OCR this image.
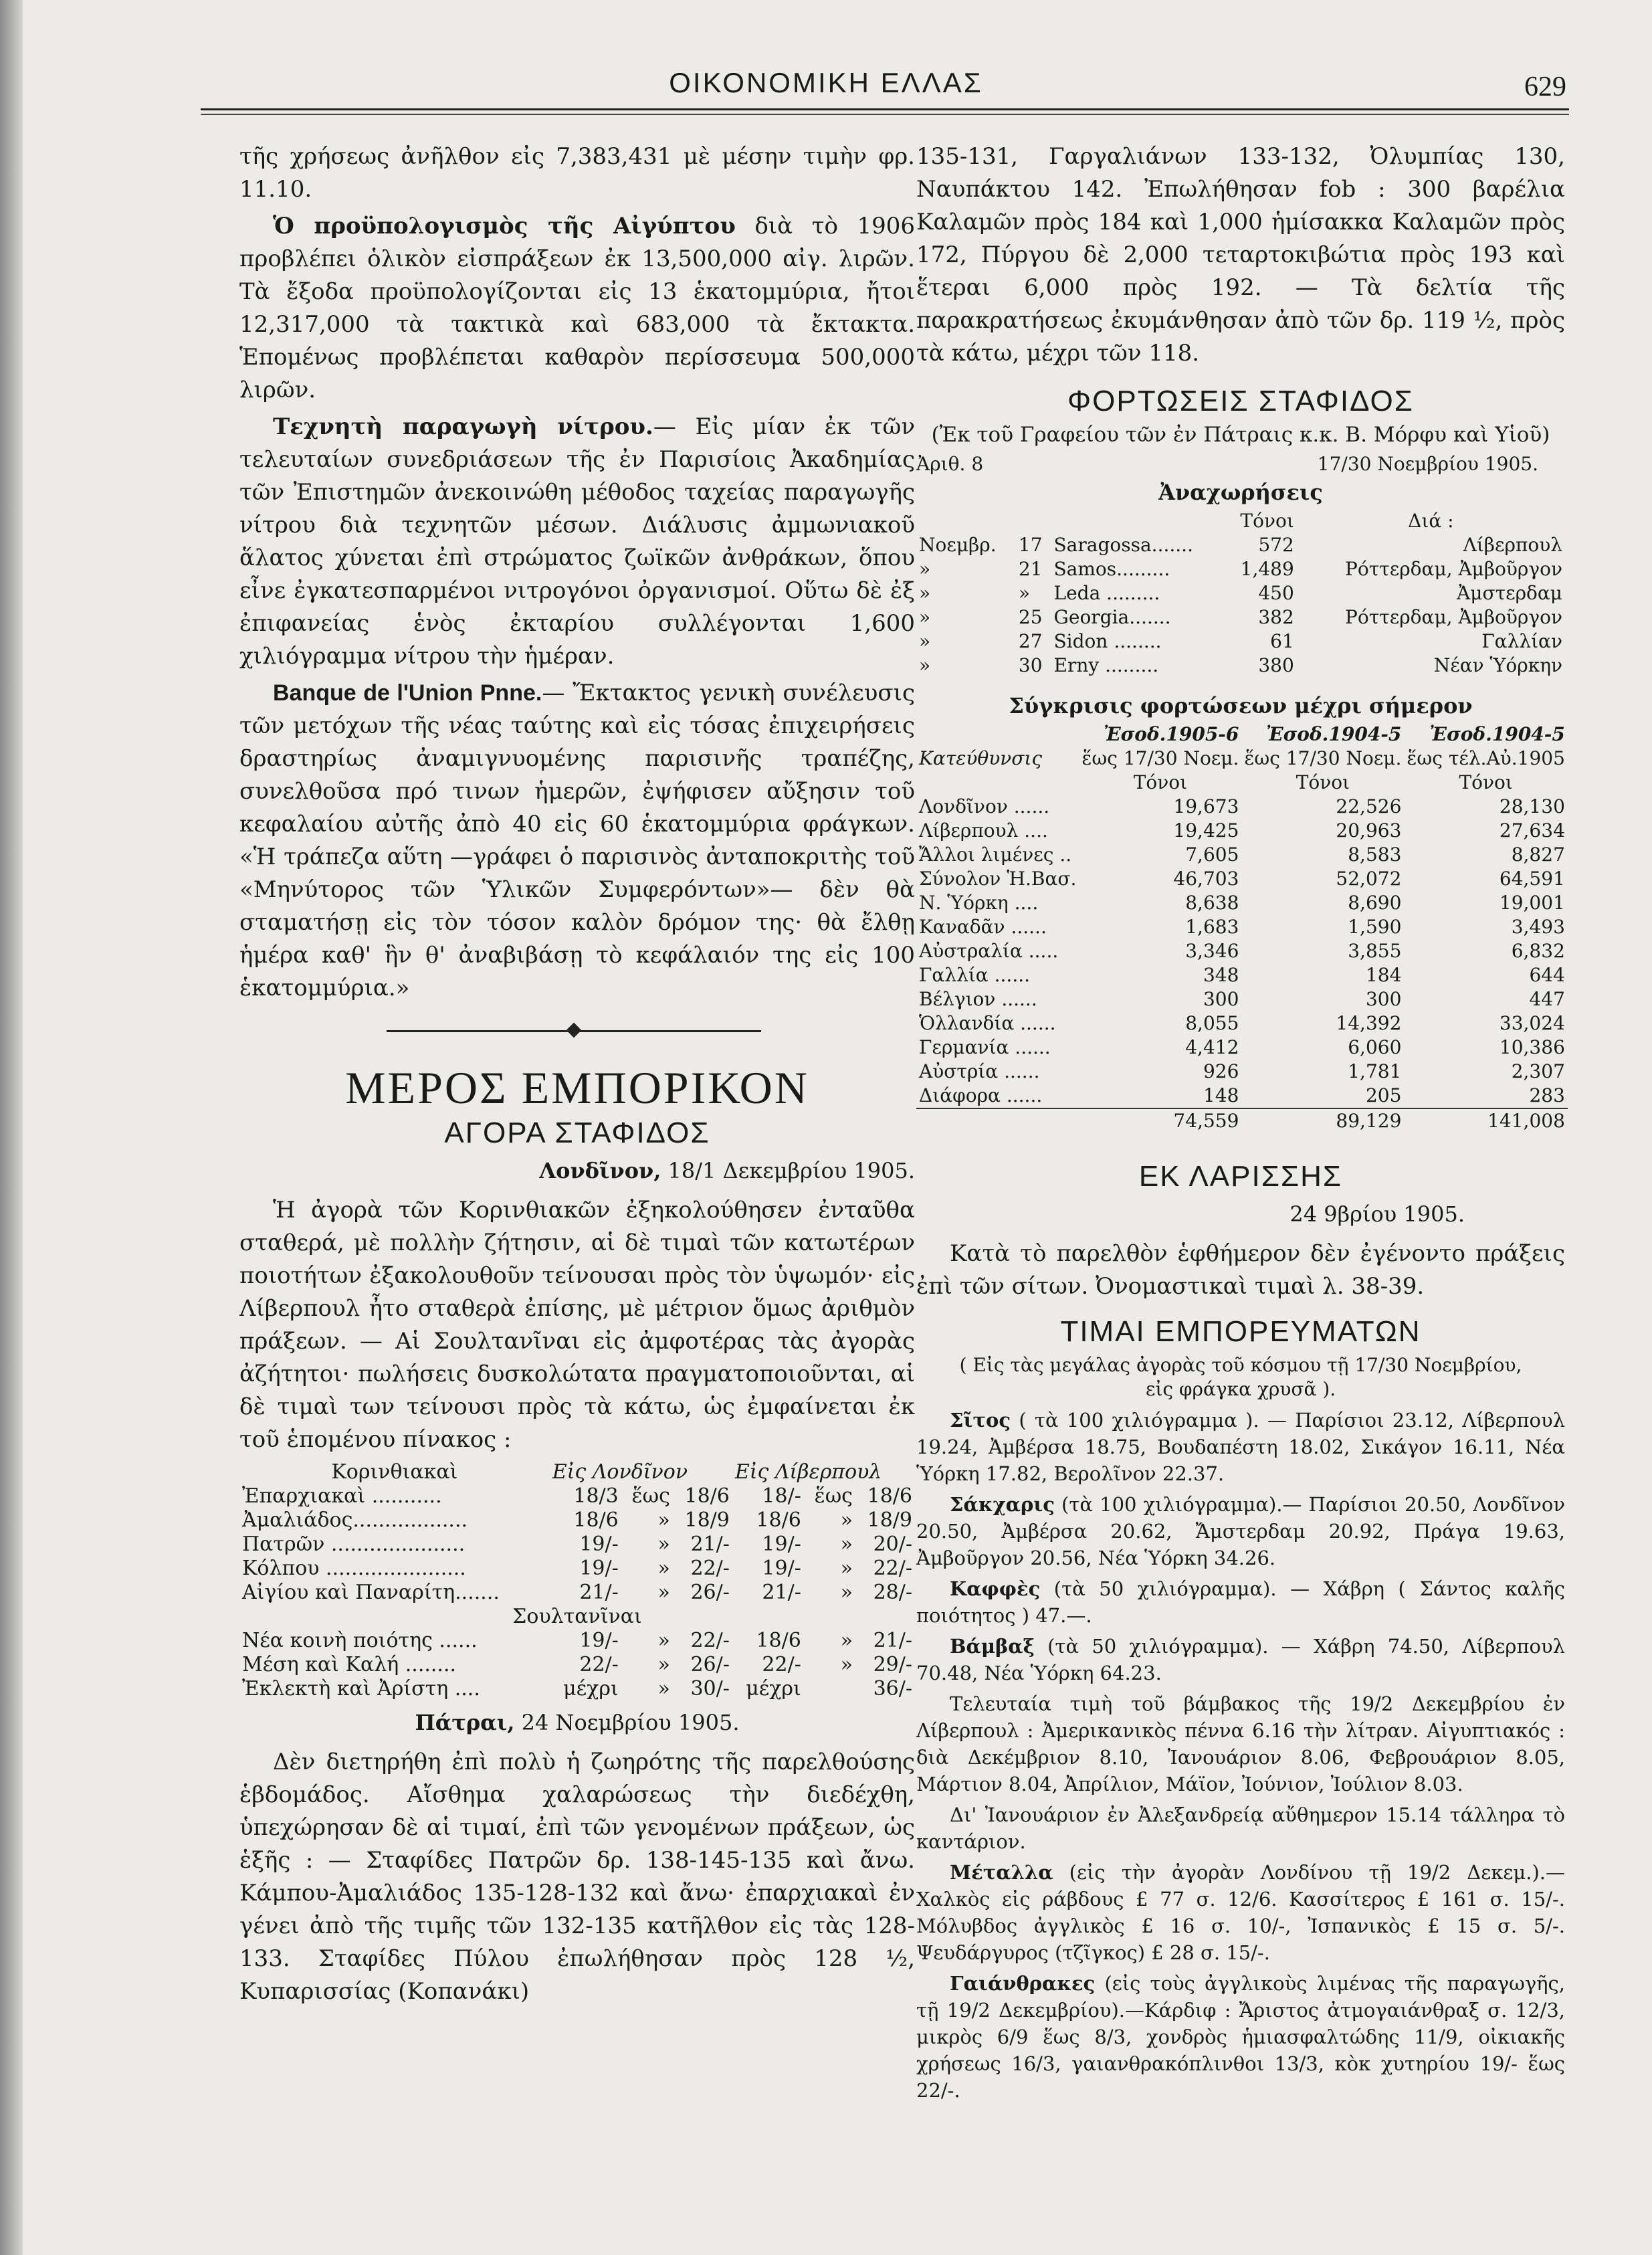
ΟΙΚΟΝΟΜΙΚΗ ΕΛΛΑΣ	629

τῆς χρήσεως ἀνῆλθον εἰς 7,383,431 μὲ μέσην τιμὴν φρ. 11.10.

Ὁ προϋπολογισμὸς τῆς Αἰγύπτου διὰ τὸ 1906 προβλέπει ὁλικὸν εἰσπράξεων ἐκ 13,500,000 αἰγ. λιρῶν. Τὰ ἔξοδα προϋπολογίζονται εἰς 13 ἑκατομμύρια, ἤτοι 12,317,000 τὰ τακτικὰ καὶ 683,000 τὰ ἔκτακτα. Ἑπομένως προβλέπεται καθαρὸν περίσσευμα 500,000 λιρῶν.

Τεχνητὴ παραγωγὴ νίτρου.— Εἰς μίαν ἐκ τῶν τελευταίων συνεδριάσεων τῆς ἐν Παρισίοις Ἀκαδημίας τῶν Ἐπιστημῶν ἀνεκοινώθη μέθοδος ταχείας παραγωγῆς νίτρου διὰ τεχνητῶν μέσων. Διάλυσις ἀμμωνιακοῦ ἅλατος χύνεται ἐπὶ στρώματος ζωϊκῶν ἀνθράκων, ὅπου εἶνε ἐγκατεσπαρμένοι νιτρογόνοι ὀργανισμοί. Οὕτω δὲ ἐξ ἐπιφανείας ἑνὸς ἐκταρίου συλλέγονται 1,600 χιλιόγραμμα νίτρου τὴν ἡμέραν.

Banque de l'Union Pnne.— Ἔκτακτος γενικὴ συνέλευσις τῶν μετόχων τῆς νέας ταύτης καὶ εἰς τόσας ἐπιχειρήσεις δραστηρίως ἀναμιγνυομένης παρισινῆς τραπέζης, συνελθοῦσα πρό τινων ἡμερῶν, ἐψήφισεν αὔξησιν τοῦ κεφαλαίου αὐτῆς ἀπὸ 40 εἰς 60 ἑκατομμύρια φράγκων. «Ἡ τράπεζα αὕτη —γράφει ὁ παρισινὸς ἀνταποκριτὴς τοῦ «Μηνύτορος τῶν Ὑλικῶν Συμφερόντων»— δὲν θὰ σταματήσῃ εἰς τὸν τόσον καλὸν δρόμον της· θὰ ἔλθῃ ἡμέρα καθ' ἣν θ' ἀναβιβάσῃ τὸ κεφάλαιόν της εἰς 100 ἑκατομμύρια.»

ΜΕΡΟΣ ΕΜΠΟΡΙΚΟΝ
ΑΓΟΡΑ ΣΤΑΦΙΔΟΣ
Λονδῖνον, 18/1 Δεκεμβρίου 1905.

Ἡ ἀγορὰ τῶν Κορινθιακῶν ἐξηκολούθησεν ἐνταῦθα σταθερά, μὲ πολλὴν ζήτησιν, αἱ δὲ τιμαὶ τῶν κατωτέρων ποιοτήτων ἐξακολουθοῦν τείνουσαι πρὸς τὸν ὑψωμόν· εἰς Λίβερπουλ ἦτο σταθερὰ ἐπίσης, μὲ μέτριον ὅμως ἀριθμὸν πράξεων. — Αἱ Σουλτανῖναι εἰς ἀμφοτέρας τὰς ἀγορὰς ἀζήτητοι· πωλήσεις δυσκολώτατα πραγματοποιοῦνται, αἱ δὲ τιμαὶ των τείνουσι πρὸς τὰ κάτω, ὡς ἐμφαίνεται ἐκ τοῦ ἑπομένου πίνακος :

Κορινθιακαὶ	Εἰς Λονδῖνον			Εἰς Λίβερπουλ		
Ἐπαρχιακαὶ ...........	18/3	ἕως	18/6	18/-	ἕως	18/6
Ἀμαλιάδος..................	18/6	»	18/9	18/6	»	18/9
Πατρῶν .....................	19/-	»	21/-	19/-	»	20/-
Κόλπου ......................	19/-	»	22/-	19/-	»	22/-
Αἰγίου καὶ Παναρίτη.......	21/-	»	26/-	21/-	»	28/-
Σουλτανῖναι						
Νέα κοινὴ ποιότης ......	19/-	»	22/-	18/6	»	21/-
Μέση καὶ Καλή ........	22/-	»	26/-	22/-	»	29/-
Ἐκλεκτὴ καὶ Ἀρίστη ....	μέχρι	»	30/-	μέχρι		36/-
Πάτραι, 24 Νοεμβρίου 1905.

Δὲν διετηρήθη ἐπὶ πολὺ ἡ ζωηρότης τῆς παρελθούσης ἑβδομάδος. Αἴσθημα χαλαρώσεως τὴν διεδέχθη, ὑπεχώρησαν δὲ αἱ τιμαί, ἐπὶ τῶν γενομένων πράξεων, ὡς ἑξῆς : — Σταφίδες Πατρῶν δρ. 138-145-135 καὶ ἄνω. Κάμπου-Ἀμαλιάδος 135-128-132 καὶ ἄνω· ἐπαρχιακαὶ ἐν γένει ἀπὸ τῆς τιμῆς τῶν 132-135 κατῆλθον εἰς τὰς 128-133. Σταφίδες Πύλου ἐπωλήθησαν πρὸς 128 ½, Κυπαρισσίας (Κοπανάκι)

135-131, Γαργαλιάνων 133-132, Ὀλυμπίας 130, Ναυπάκτου 142. Ἐπωλήθησαν fob : 300 βαρέλια Καλαμῶν πρὸς 184 καὶ 1,000 ἡμίσακκα Καλαμῶν πρὸς 172, Πύργου δὲ 2,000 τεταρτοκιβώτια πρὸς 193 καὶ ἕτεραι 6,000 πρὸς 192. — Τὰ δελτία τῆς παρακρατήσεως ἐκυμάνθησαν ἀπὸ τῶν δρ. 119 ½, πρὸς τὰ κάτω, μέχρι τῶν 118.

ΦΟΡΤΩΣΕΙΣ ΣΤΑΦΙΔΟΣ
(Ἐκ τοῦ Γραφείου τῶν ἐν Πάτραις κ.κ. Β. Μόρφυ καὶ Υἱοῦ)
Ἀριθ. 8	17/30 Νοεμβρίου 1905.
Ἀναχωρήσεις
			Τόνοι	Διά :
Νοεμβρ.	17	Saragossa.......	572	Λίβερπουλ
»	21	Samos.........	1,489	Ρόττερδαμ, Ἀμβοῦργον
»	»	Leda .........	450	Ἀμστερδαμ
»	25	Georgia.......	382	Ρόττερδαμ, Ἀμβοῦργον
»	27	Sidon ........	61	Γαλλίαν
»	30	Erny .........	380	Νέαν Ὑόρκην
Σύγκρισις φορτώσεων μέχρι σήμερον
	Ἐσοδ.1905-6	Ἐσοδ.1904-5	Ἐσοδ.1904-5
Κατεύθυνσις	ἕως 17/30 Νοεμ.	ἕως 17/30 Νοεμ.	ἕως τέλ.Αὐ.1905
	Τόνοι	Τόνοι	Τόνοι
Λονδῖνον ......	19,673	22,526	28,130
Λίβερπουλ ....	19,425	20,963	27,634
Ἄλλοι λιμένες ..	7,605	8,583	8,827
Σύνολον Ἡ.Βασ.	46,703	52,072	64,591
Ν. Ὑόρκη ....	8,638	8,690	19,001
Καναδᾶν ......	1,683	1,590	3,493
Αὐστραλία .....	3,346	3,855	6,832
Γαλλία ......	348	184	644
Βέλγιον ......	300	300	447
Ὁλλανδία ......	8,055	14,392	33,024
Γερμανία ......	4,412	6,060	10,386
Αὐστρία ......	926	1,781	2,307
Διάφορα ......	148	205	283
	74,559	89,129	141,008
ΕΚ ΛΑΡΙΣΣΗΣ
24 9βρίου 1905.

Κατὰ τὸ παρελθὸν ἑφθήμερον δὲν ἐγένοντο πράξεις ἐπὶ τῶν σίτων. Ὀνομαστικαὶ τιμαὶ λ. 38-39.

ΤΙΜΑΙ ΕΜΠΟΡΕΥΜΑΤΩΝ
( Εἰς τὰς μεγάλας ἀγορὰς τοῦ κόσμου τῇ 17/30 Νοεμβρίου, εἰς φράγκα χρυσᾶ ).

Σῖτος ( τὰ 100 χιλιόγραμμα ). — Παρίσιοι 23.12, Λίβερπουλ 19.24, Ἀμβέρσα 18.75, Βουδαπέστη 18.02, Σικάγον 16.11, Νέα Ὑόρκη 17.82, Βερολῖνον 22.37.

Σάκχαρις (τὰ 100 χιλιόγραμμα).— Παρίσιοι 20.50, Λονδῖνον 20.50, Ἀμβέρσα 20.62, Ἄμστερδαμ 20.92, Πράγα 19.63, Ἀμβοῦργον 20.56, Νέα Ὑόρκη 34.26.

Καφφὲς (τὰ 50 χιλιόγραμμα). — Χάβρη ( Σάντος καλῆς ποιότητος ) 47.—.

Βάμβαξ (τὰ 50 χιλιόγραμμα). — Χάβρη 74.50, Λίβερπουλ 70.48, Νέα Ὑόρκη 64.23.

Τελευταία τιμὴ τοῦ βάμβακος τῆς 19/2 Δεκεμβρίου ἐν Λίβερπουλ : Ἀμερικανικὸς πέννα 6.16 τὴν λίτραν. Αἰγυπτιακός : διὰ Δεκέμβριον 8.10, Ἰανουάριον 8.06, Φεβρουάριον 8.05, Μάρτιον 8.04, Ἀπρίλιον, Μάϊον, Ἰούνιον, Ἰούλιον 8.03.

Δι' Ἰανουάριον ἐν Ἀλεξανδρείᾳ αὔθημερον 15.14 τάλληρα τὸ καντάριον.

Μέταλλα (εἰς τὴν ἀγορὰν Λονδίνου τῇ 19/2 Δεκεμ.).— Χαλκὸς εἰς ράβδους £ 77 σ. 12/6. Κασσίτερος £ 161 σ. 15/-. Μόλυβδος ἀγγλικὸς £ 16 σ. 10/-, Ἰσπανικὸς £ 15 σ. 5/-. Ψευδάργυρος (τζῖγκος) £ 28 σ. 15/-.

Γαιάνθρακες (εἰς τοὺς ἀγγλικοὺς λιμένας τῆς παραγωγῆς, τῇ 19/2 Δεκεμβρίου).—Κάρδιφ : Ἄριστος ἀτμογαιάνθραξ σ. 12/3, μικρὸς 6/9 ἕως 8/3, χονδρὸς ἡμιασφαλτώδης 11/9, οἰκιακῆς χρήσεως 16/3, γαιανθρακόπλινθοι 13/3, κὸκ χυτηρίου 19/- ἕως 22/-.
